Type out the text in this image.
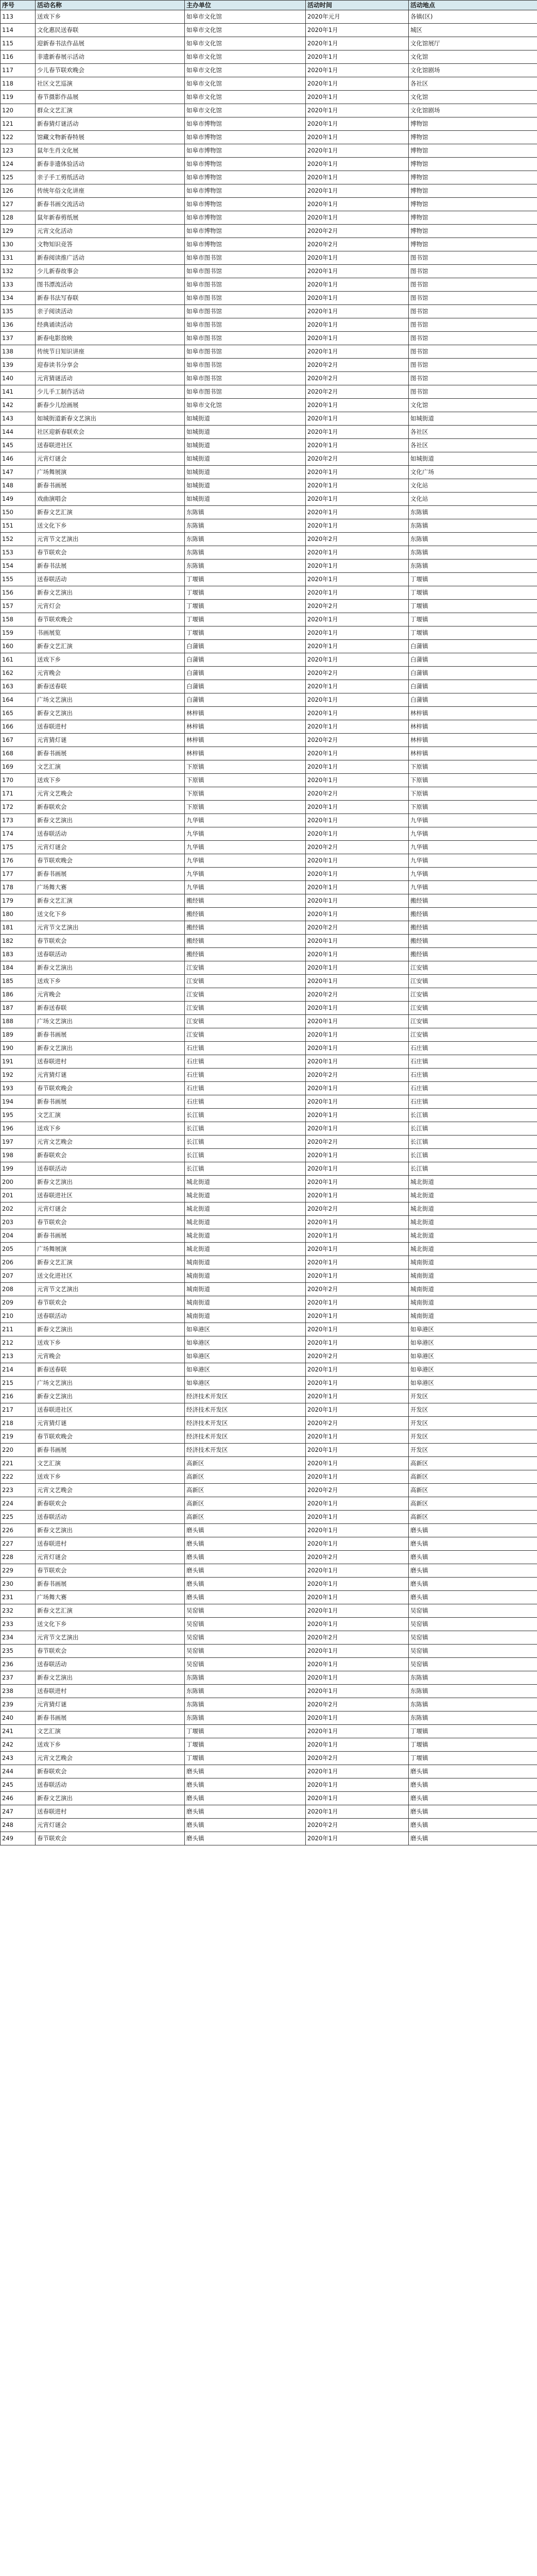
序号	活动名称	主办单位	活动时间	活动地点
113	送戏下乡	如皋市文化馆	2020年元月	各镇(区)
114	文化惠民送春联	如皋市文化馆	2020年1月	城区
115	迎新春书法作品展	如皋市文化馆	2020年1月	文化馆展厅
116	非遗新春展示活动	如皋市文化馆	2020年1月	文化馆
117	少儿春节联欢晚会	如皋市文化馆	2020年1月	文化馆剧场
118	社区文艺巡演	如皋市文化馆	2020年1月	各社区
119	春节摄影作品展	如皋市文化馆	2020年1月	文化馆
120	群众文艺汇演	如皋市文化馆	2020年1月	文化馆剧场
121	新春猜灯谜活动	如皋市博物馆	2020年1月	博物馆
122	馆藏文物新春特展	如皋市博物馆	2020年1月	博物馆
123	鼠年生肖文化展	如皋市博物馆	2020年1月	博物馆
124	新春非遗体验活动	如皋市博物馆	2020年1月	博物馆
125	亲子手工剪纸活动	如皋市博物馆	2020年1月	博物馆
126	传统年俗文化讲座	如皋市博物馆	2020年1月	博物馆
127	新春书画交流活动	如皋市博物馆	2020年1月	博物馆
128	鼠年新春剪纸展	如皋市博物馆	2020年1月	博物馆
129	元宵文化活动	如皋市博物馆	2020年2月	博物馆
130	文物知识竞答	如皋市博物馆	2020年2月	博物馆
131	新春阅读推广活动	如皋市图书馆	2020年1月	图书馆
132	少儿新春故事会	如皋市图书馆	2020年1月	图书馆
133	图书漂流活动	如皋市图书馆	2020年1月	图书馆
134	新春书法写春联	如皋市图书馆	2020年1月	图书馆
135	亲子阅读活动	如皋市图书馆	2020年1月	图书馆
136	经典诵读活动	如皋市图书馆	2020年1月	图书馆
137	新春电影放映	如皋市图书馆	2020年1月	图书馆
138	传统节日知识讲座	如皋市图书馆	2020年1月	图书馆
139	迎春读书分享会	如皋市图书馆	2020年2月	图书馆
140	元宵猜谜活动	如皋市图书馆	2020年2月	图书馆
141	少儿手工制作活动	如皋市图书馆	2020年2月	图书馆
142	新春少儿绘画展	如皋市文化馆	2020年1月	文化馆
143	如城街道新春文艺演出	如城街道	2020年1月	如城街道
144	社区迎新春联欢会	如城街道	2020年1月	各社区
145	送春联进社区	如城街道	2020年1月	各社区
146	元宵灯谜会	如城街道	2020年2月	如城街道
147	广场舞展演	如城街道	2020年1月	文化广场
148	新春书画展	如城街道	2020年1月	文化站
149	戏曲演唱会	如城街道	2020年1月	文化站
150	新春文艺汇演	东陈镇	2020年1月	东陈镇
151	送文化下乡	东陈镇	2020年1月	东陈镇
152	元宵节文艺演出	东陈镇	2020年2月	东陈镇
153	春节联欢会	东陈镇	2020年1月	东陈镇
154	新春书法展	东陈镇	2020年1月	东陈镇
155	送春联活动	丁堰镇	2020年1月	丁堰镇
156	新春文艺演出	丁堰镇	2020年1月	丁堰镇
157	元宵灯会	丁堰镇	2020年2月	丁堰镇
158	春节联欢晚会	丁堰镇	2020年1月	丁堰镇
159	书画展览	丁堰镇	2020年1月	丁堰镇
160	新春文艺汇演	白蒲镇	2020年1月	白蒲镇
161	送戏下乡	白蒲镇	2020年1月	白蒲镇
162	元宵晚会	白蒲镇	2020年2月	白蒲镇
163	新春送春联	白蒲镇	2020年1月	白蒲镇
164	广场文艺演出	白蒲镇	2020年1月	白蒲镇
165	新春文艺演出	林梓镇	2020年1月	林梓镇
166	送春联进村	林梓镇	2020年1月	林梓镇
167	元宵猜灯谜	林梓镇	2020年2月	林梓镇
168	新春书画展	林梓镇	2020年1月	林梓镇
169	文艺汇演	下原镇	2020年1月	下原镇
170	送戏下乡	下原镇	2020年1月	下原镇
171	元宵文艺晚会	下原镇	2020年2月	下原镇
172	新春联欢会	下原镇	2020年1月	下原镇
173	新春文艺演出	九华镇	2020年1月	九华镇
174	送春联活动	九华镇	2020年1月	九华镇
175	元宵灯谜会	九华镇	2020年2月	九华镇
176	春节联欢晚会	九华镇	2020年1月	九华镇
177	新春书画展	九华镇	2020年1月	九华镇
178	广场舞大赛	九华镇	2020年1月	九华镇
179	新春文艺汇演	搬经镇	2020年1月	搬经镇
180	送文化下乡	搬经镇	2020年1月	搬经镇
181	元宵节文艺演出	搬经镇	2020年2月	搬经镇
182	春节联欢会	搬经镇	2020年1月	搬经镇
183	送春联活动	搬经镇	2020年1月	搬经镇
184	新春文艺演出	江安镇	2020年1月	江安镇
185	送戏下乡	江安镇	2020年1月	江安镇
186	元宵晚会	江安镇	2020年2月	江安镇
187	新春送春联	江安镇	2020年1月	江安镇
188	广场文艺演出	江安镇	2020年1月	江安镇
189	新春书画展	江安镇	2020年1月	江安镇
190	新春文艺演出	石庄镇	2020年1月	石庄镇
191	送春联进村	石庄镇	2020年1月	石庄镇
192	元宵猜灯谜	石庄镇	2020年2月	石庄镇
193	春节联欢晚会	石庄镇	2020年1月	石庄镇
194	新春书画展	石庄镇	2020年1月	石庄镇
195	文艺汇演	长江镇	2020年1月	长江镇
196	送戏下乡	长江镇	2020年1月	长江镇
197	元宵文艺晚会	长江镇	2020年2月	长江镇
198	新春联欢会	长江镇	2020年1月	长江镇
199	送春联活动	长江镇	2020年1月	长江镇
200	新春文艺演出	城北街道	2020年1月	城北街道
201	送春联进社区	城北街道	2020年1月	城北街道
202	元宵灯谜会	城北街道	2020年2月	城北街道
203	春节联欢会	城北街道	2020年1月	城北街道
204	新春书画展	城北街道	2020年1月	城北街道
205	广场舞展演	城北街道	2020年1月	城北街道
206	新春文艺汇演	城南街道	2020年1月	城南街道
207	送文化进社区	城南街道	2020年1月	城南街道
208	元宵节文艺演出	城南街道	2020年2月	城南街道
209	春节联欢会	城南街道	2020年1月	城南街道
210	送春联活动	城南街道	2020年1月	城南街道
211	新春文艺演出	如皋港区	2020年1月	如皋港区
212	送戏下乡	如皋港区	2020年1月	如皋港区
213	元宵晚会	如皋港区	2020年2月	如皋港区
214	新春送春联	如皋港区	2020年1月	如皋港区
215	广场文艺演出	如皋港区	2020年1月	如皋港区
216	新春文艺演出	经济技术开发区	2020年1月	开发区
217	送春联进社区	经济技术开发区	2020年1月	开发区
218	元宵猜灯谜	经济技术开发区	2020年2月	开发区
219	春节联欢晚会	经济技术开发区	2020年1月	开发区
220	新春书画展	经济技术开发区	2020年1月	开发区
221	文艺汇演	高新区	2020年1月	高新区
222	送戏下乡	高新区	2020年1月	高新区
223	元宵文艺晚会	高新区	2020年2月	高新区
224	新春联欢会	高新区	2020年1月	高新区
225	送春联活动	高新区	2020年1月	高新区
226	新春文艺演出	磨头镇	2020年1月	磨头镇
227	送春联进村	磨头镇	2020年1月	磨头镇
228	元宵灯谜会	磨头镇	2020年2月	磨头镇
229	春节联欢会	磨头镇	2020年1月	磨头镇
230	新春书画展	磨头镇	2020年1月	磨头镇
231	广场舞大赛	磨头镇	2020年1月	磨头镇
232	新春文艺汇演	吴窑镇	2020年1月	吴窑镇
233	送文化下乡	吴窑镇	2020年1月	吴窑镇
234	元宵节文艺演出	吴窑镇	2020年2月	吴窑镇
235	春节联欢会	吴窑镇	2020年1月	吴窑镇
236	送春联活动	吴窑镇	2020年1月	吴窑镇
237	新春文艺演出	东陈镇	2020年1月	东陈镇
238	送春联进村	东陈镇	2020年1月	东陈镇
239	元宵猜灯谜	东陈镇	2020年2月	东陈镇
240	新春书画展	东陈镇	2020年1月	东陈镇
241	文艺汇演	丁堰镇	2020年1月	丁堰镇
242	送戏下乡	丁堰镇	2020年1月	丁堰镇
243	元宵文艺晚会	丁堰镇	2020年2月	丁堰镇
244	新春联欢会	磨头镇	2020年1月	磨头镇
245	送春联活动	磨头镇	2020年1月	磨头镇
246	新春文艺演出	磨头镇	2020年1月	磨头镇
247	送春联进村	磨头镇	2020年1月	磨头镇
248	元宵灯谜会	磨头镇	2020年2月	磨头镇
249	春节联欢会	磨头镇	2020年1月	磨头镇
